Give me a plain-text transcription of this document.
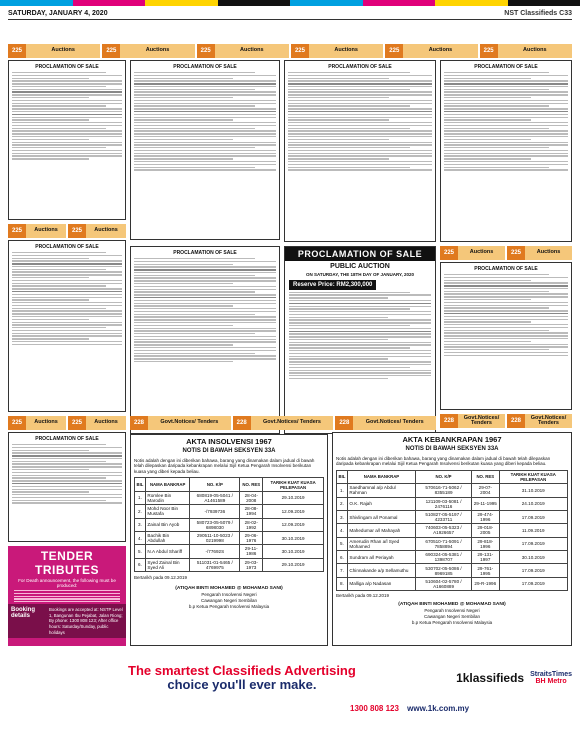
SATURDAY, JANUARY 4, 2020	NST Classifieds C33
225	Auctions	225	Auctions	225	Auctions	225	Auctions	225	Auctions	225	Auctions
PROCLAMATION OF SALE
225	Auctions	225	Auctions
PROCLAMATION OF SALE
225	Auctions	225	Auctions
PROCLAMATION OF SALE
TENDER TRIBUTES
For Death announcement, the following must be produced:
Booking details
Bookings are accepted at: NSTP Level 1, Bangunan Ibu Pejabat, Jalan Riong; By phone: 1300 808 123; After office hours: Saturday/Sunday, public holidays
PROCLAMATION OF SALE
PROCLAMATION OF SALE
PROCLAMATION OF SALE
PROCLAMATION OF SALE
PUBLIC AUCTION
ON SATURDAY, THE 18TH DAY OF JANUARY, 2020
Reserve Price: RM2,300,000
PROCLAMATION OF SALE
225	Auctions	225	Auctions
PROCLAMATION OF SALE
228	Govt.Notices/ Tenders	228	Govt.Notices/ Tenders	228	Govt.Notices/ Tenders	228
Govt.Notices/ Tenders	228
Govt.Notices/ Tenders
AKTA INSOLVENSI 1967
NOTIS DI BAWAH SEKSYEN 33A
Notis adalah dengan ini diberikan bahawa, barang yang dinamakan dalam jadual di bawah telah dilepaskan daripada kebankrapan melalui Sijil Ketua Pengarah Insolvensi berikutan kuasa yang diberi kepada beliau.
BIL	NAMA BANKRAP	NO. K/P	NO. RES	TARIKH KUAT KUASA PELEPASAN
1.	Romlee Bin Marodin	680819-05-5041 / A1461589	28-04-2008	29.10.2019
2.	Mohd Noor Bin Mustafa	-/7939736	28-08-1994	12.09.2019
3.	Zainal Bin Ayob	580723-05-5079 / 6898030	28-02-1992	12.09.2019
4.	Bachik Bin Abdullah	290511-10-5023 / 0219998	29-06-1976	30.10.2019
5.	N.A Abdul Shariff	-/77692S	29-11-1986	30.10.2019
6.	Syed Zainal Bin Syed Ali	511031-01-5465 / 4769975	29-03-1973	29.10.2019
Bertarikh pada 09.12.2019
(ATIQAH BINTI MOHAMED @ MOHAMAD SANI)
Pengarah Insolvensi Negeri
Cawangan Negeri Sembilan
b.p Ketua Pengarah Insolvensi Malaysia
AKTA KEBANKRAPAN 1967
NOTIS DI BAWAH SEKSYEN 33A
Notis adalah dengan ini diberikan bahawa, barang yang dinamakan dalam jadual di bawah telah dilepaskan daripada kebankrapan melalui Sijil Ketua Pengarah Insolvensi berikutan kuasa yang diberi kepada beliau.
BIL	NAMA BANKRAP	NO. K/P	NO. RES	TARIKH KUAT KUASA PELEPASAN
1.	Saedhamnal a/p Abdul Rahman	570616-71-5062 / 8355189	29-07-2004	31.10.2019
2.	O.K. Rajah	121109-03-5081 / 2476116	29-11-1995	24.10.2019
3.	Shivlingam a/l Ponamal	510827-05-5197 / 4233711	29-474-1996	17.09.2019
4.	Mahedumar a/l Mahayah	740603-05-5323 / A1926657	29-018-2005	11.09.2019
5.	Amerudin Rhan a/l Syed Mohamed	670510-71-5091 / 7858894	29-818-1996	17.09.2019
6.	Sundram a/l Periayah	690324-05-5381 / 1398707	29-131-1997	30.10.2019
7.	Chinnakande a/p Sellamuthu	530702-05-5086 / 8969185	29-761-1995	17.09.2019
8.	Malliga a/p Nadasan	510604-02-5780 / A1660889	29-R-1996	17.09.2019
Bertarikh pada 09.12.2019
(ATIQAH BINTI MOHAMED @ MOHAMAD SANI)
Pengarah Insolvensi Negeri
Cawangan Negeri Sembilan
b.p Ketua Pengarah Insolvensi Malaysia
The smartest Classifieds Advertising
choice you'll ever make.	1klassifieds StraitsTimes
BH Metro
1300 808 123 www.1k.com.my
